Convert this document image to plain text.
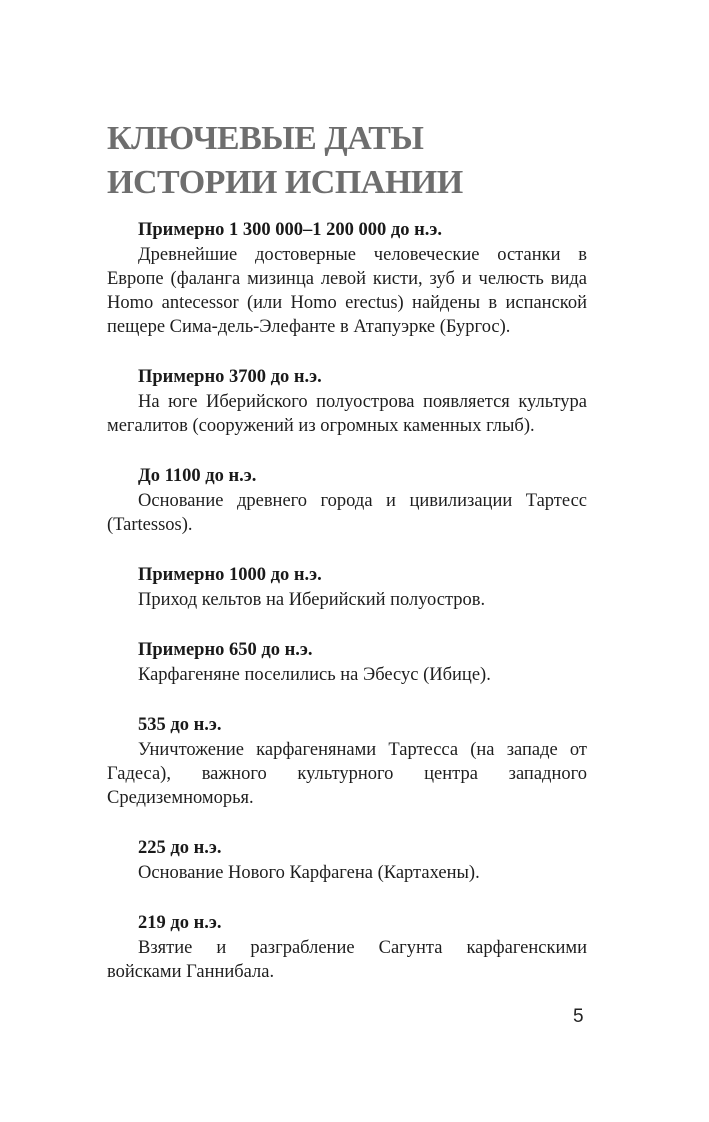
КЛЮЧЕВЫЕ ДАТЫ
ИСТОРИИ ИСПАНИИ

Примерно 1 300 000–1 200 000 до н.э.

Древнейшие достоверные человеческие останки в Европе (фаланга мизинца левой кисти, зуб и челюсть вида Homo antecessor (или Homo erectus) найдены в испанской пещере Сима-дель-Элефанте в Атапуэрке (Бургос).

Примерно 3700 до н.э.

На юге Иберийского полуострова появляется культура мегалитов (сооружений из огромных каменных глыб).

До 1100 до н.э.

Основание древнего города и цивилизации Тартесс (Tartessos).

Примерно 1000 до н.э.

Приход кельтов на Иберийский полуостров.

Примерно 650 до н.э.

Карфагеняне поселились на Эбесус (Ибице).

535 до н.э.

Уничтожение карфагенянами Тартесса (на западе от Гадеса), важного культурного центра западного Средиземноморья.

225 до н.э.

Основание Нового Карфагена (Картахены).

219 до н.э.

Взятие и разграбление Сагунта карфагенскими войсками Ганнибала.

5
